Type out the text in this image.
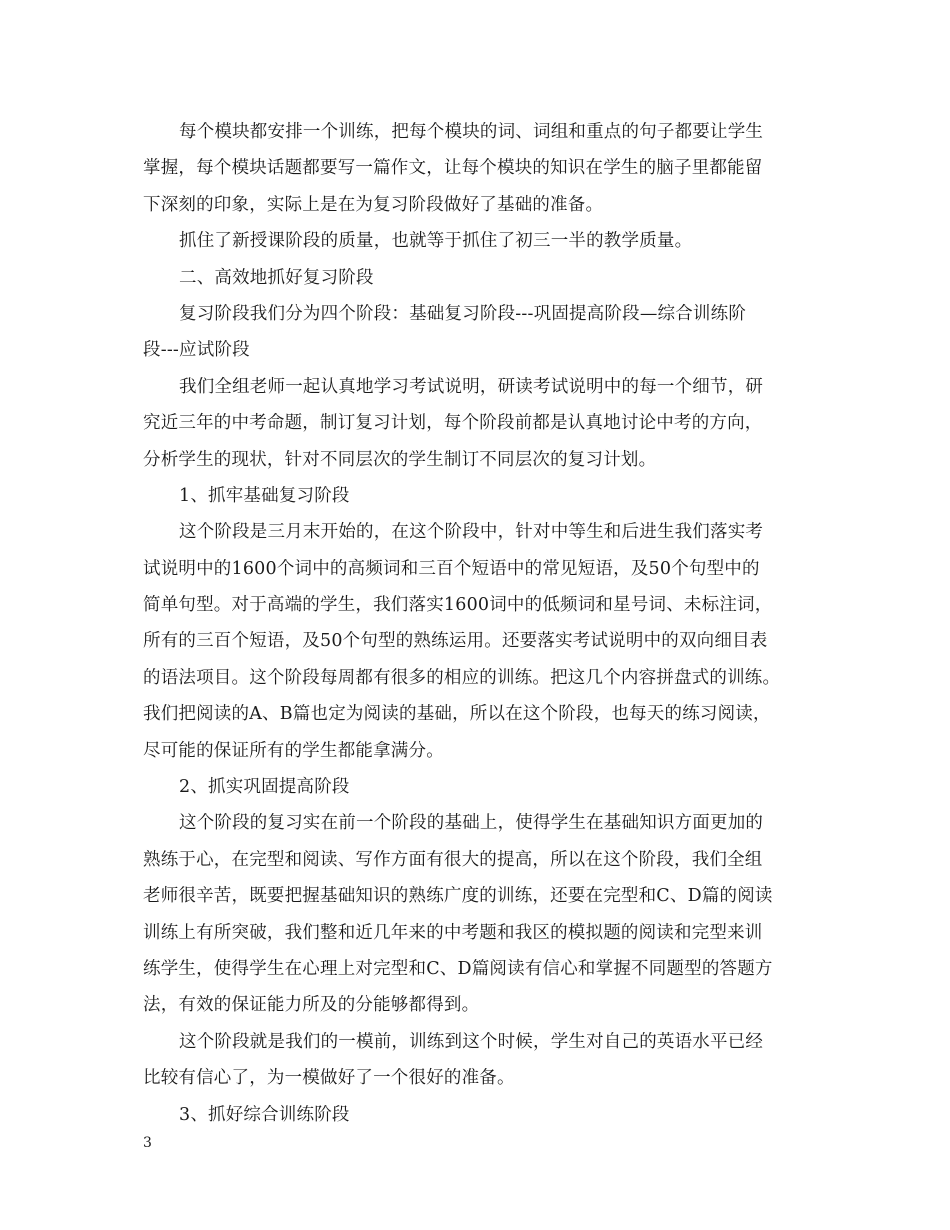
每个模块都安排一个训练，把每个模块的词、词组和重点的句子都要让学生
掌握，每个模块话题都要写一篇作文，让每个模块的知识在学生的脑子里都能留
下深刻的印象，实际上是在为复习阶段做好了基础的准备。
抓住了新授课阶段的质量，也就等于抓住了初三一半的教学质量。
二、高效地抓好复习阶段
复习阶段我们分为四个阶段：基础复习阶段---巩固提高阶段—综合训练阶
段---应试阶段
我们全组老师一起认真地学习考试说明，研读考试说明中的每一个细节，研
究近三年的中考命题，制订复习计划，每个阶段前都是认真地讨论中考的方向，
分析学生的现状，针对不同层次的学生制订不同层次的复习计划。
1、抓牢基础复习阶段
这个阶段是三月末开始的，在这个阶段中，针对中等生和后进生我们落实考
试说明中的1600个词中的高频词和三百个短语中的常见短语，及50个句型中的
简单句型。对于高端的学生，我们落实1600词中的低频词和星号词、未标注词，
所有的三百个短语，及50个句型的熟练运用。还要落实考试说明中的双向细目表
的语法项目。这个阶段每周都有很多的相应的训练。把这几个内容拼盘式的训练。
我们把阅读的A、B篇也定为阅读的基础，所以在这个阶段，也每天的练习阅读，
尽可能的保证所有的学生都能拿满分。
2、抓实巩固提高阶段
这个阶段的复习实在前一个阶段的基础上，使得学生在基础知识方面更加的
熟练于心，在完型和阅读、写作方面有很大的提高，所以在这个阶段，我们全组
老师很辛苦，既要把握基础知识的熟练广度的训练，还要在完型和C、D篇的阅读
训练上有所突破，我们整和近几年来的中考题和我区的模拟题的阅读和完型来训
练学生，使得学生在心理上对完型和C、D篇阅读有信心和掌握不同题型的答题方
法，有效的保证能力所及的分能够都得到。
这个阶段就是我们的一模前，训练到这个时候，学生对自己的英语水平已经
比较有信心了，为一模做好了一个很好的准备。
3、抓好综合训练阶段
3
